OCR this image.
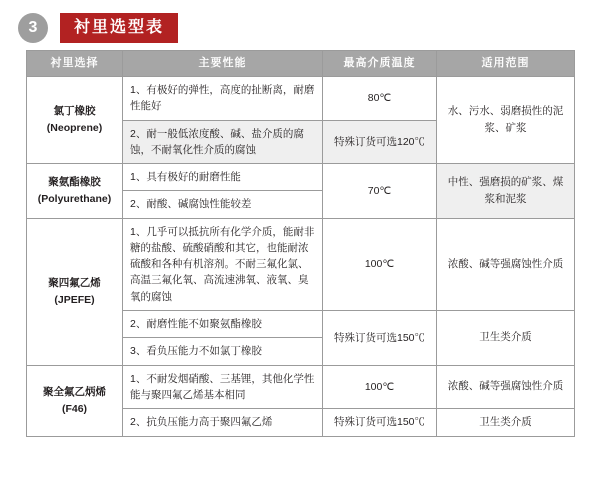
3	衬里选型表
衬里选择	主要性能	最高介质温度	适用范围

氯丁橡胶
(Neoprene)	1、有极好的弹性，高度的扯断离，耐磨性能好	80℃	水、污水、弱磨损性的泥浆、矿浆
	2、耐一般低浓度酸、碱、盐介质的腐蚀，不耐氧化性介质的腐蚀	特殊订货可选120℃	

聚氨酯橡胶
(Polyurethane)	1、具有极好的耐磨性能	70℃	中性、强磨损的矿浆、煤浆和泥浆
	2、耐酸、碱腐蚀性能较差		

聚四氟乙烯
(JPEFE)	1、几乎可以抵抗所有化学介质，能耐非糖的盐酸、硫酸硝酸和其它，也能耐浓硫酸和各种有机溶剂。不耐三氟化氯、高温三氟化氧、高流速沸氧、液氧、臭氧的腐蚀	100℃	浓酸、碱等强腐蚀性介质
	2、耐磨性能不如聚氨酯橡胶	特殊订货可选150℃	卫生类介质
	3、看负压能力不如氯丁橡胶		

聚全氟乙炳烯
(F46)	1、不耐发烟硝酸、三基锂，其他化学性能与聚四氟乙烯基本相同	100℃	浓酸、碱等强腐蚀性介质
	2、抗负压能力高于聚四氟乙烯	特殊订货可选150℃	卫生类介质
